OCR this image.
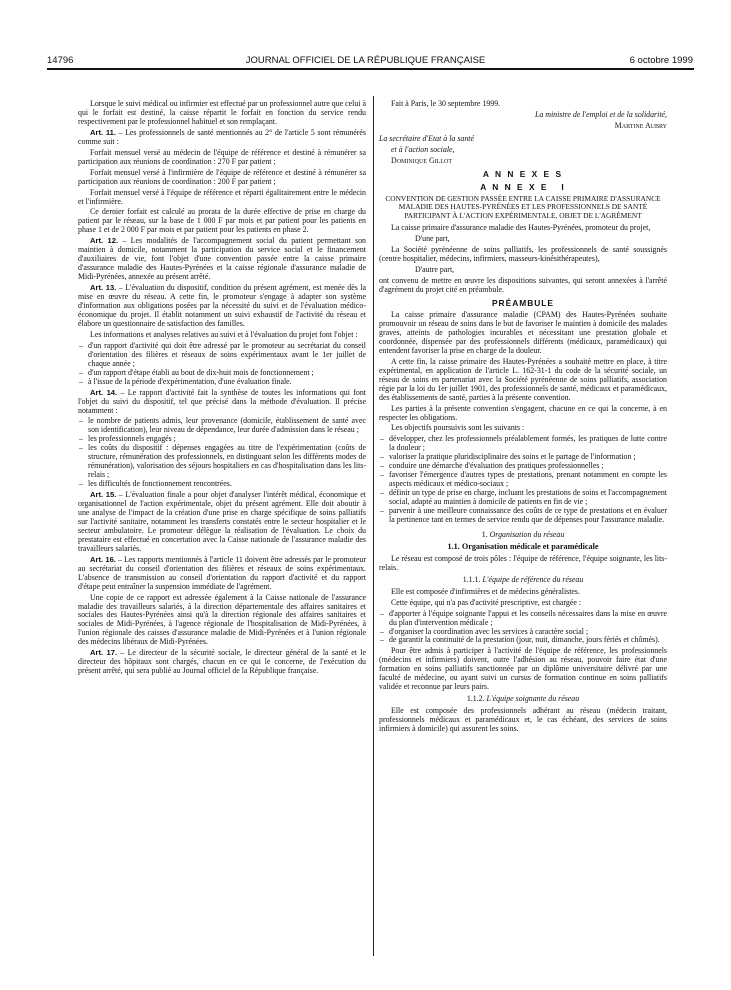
14796	JOURNAL OFFICIEL DE LA RÉPUBLIQUE FRANÇAISE	6 octobre 1999

Lorsque le suivi médical ou infirmier est effectué par un professionnel autre que celui à qui le forfait est destiné, la caisse répartit le forfait en fonction du service rendu respectivement par le professionnel habituel et son remplaçant.

Art. 11. – Les professionnels de santé mentionnés au 2° de l'article 5 sont rémunérés comme suit :

Forfait mensuel versé au médecin de l'équipe de référence et destiné à rémunérer sa participation aux réunions de coordination : 270 F par patient ;

Forfait mensuel versé à l'infirmière de l'équipe de référence et destiné à rémunérer sa participation aux réunions de coordination : 200 F par patient ;

Forfait mensuel versé à l'équipe de référence et réparti égalitairement entre le médecin et l'infirmière.

Ce dernier forfait est calculé au prorata de la durée effective de prise en charge du patient par le réseau, sur la base de 1 000 F par mois et par patient pour les patients en phase 1 et de 2 000 F par mois et par patient pour les patients en phase 2.

Art. 12. – Les modalités de l'accompagnement social du patient permettant son maintien à domicile, notamment la participation du service social et le financement d'auxiliaires de vie, font l'objet d'une convention passée entre la caisse primaire d'assurance maladie des Hautes-Pyrénées et la caisse régionale d'assurance maladie de Midi-Pyrénées, annexée au présent arrêté.

Art. 13. – L'évaluation du dispositif, condition du présent agrément, est menée dès la mise en œuvre du réseau. A cette fin, le promoteur s'engage à adapter son système d'information aux obligations posées par la nécessité du suivi et de l'évaluation médico-économique du projet. Il établit notamment un suivi exhaustif de l'activité du réseau et élabore un questionnaire de satisfaction des familles.

Les informations et analyses relatives au suivi et à l'évaluation du projet font l'objet :

– d'un rapport d'activité qui doit être adressé par le promoteur au secrétariat du conseil d'orientation des filières et réseaux de soins expérimentaux avant le 1er juillet de chaque année ;
– d'un rapport d'étape établi au bout de dix-huit mois de fonctionnement ;
– à l'issue de la période d'expérimentation, d'une évaluation finale.

Art. 14. – Le rapport d'activité fait la synthèse de toutes les informations qui font l'objet du suivi du dispositif, tel que précisé dans la méthode d'évaluation. Il précise notamment :

– le nombre de patients admis, leur provenance (domicile, établissement de santé avec son identification), leur niveau de dépendance, leur durée d'admission dans le réseau ;
– les professionnels engagés ;
– les coûts du dispositif : dépenses engagées au titre de l'expérimentation (coûts de structure, rémunération des professionnels, en distinguant selon les différents modes de rémunération), valorisation des séjours hospitaliers en cas d'hospitalisation dans les lits-relais ;
– les difficultés de fonctionnement rencontrées.

Art. 15. – L'évaluation finale a pour objet d'analyser l'intérêt médical, économique et organisationnel de l'action expérimentale, objet du présent agrément. Elle doit aboutir à une analyse de l'impact de la création d'une prise en charge spécifique de soins palliatifs sur l'activité sanitaire, notamment les transferts constatés entre le secteur hospitalier et le secteur ambulatoire. Le promoteur délègue la réalisation de l'évaluation. Le choix du prestataire est effectué en concertation avec la Caisse nationale de l'assurance maladie des travailleurs salariés.

Art. 16. – Les rapports mentionnés à l'article 11 doivent être adressés par le promoteur au secrétariat du conseil d'orientation des filières et réseaux de soins expérimentaux. L'absence de transmission au conseil d'orientation du rapport d'activité et du rapport d'étape peut entraîner la suspension immédiate de l'agrément.

Une copie de ce rapport est adressée également à la Caisse nationale de l'assurance maladie des travailleurs salariés, à la direction départementale des affaires sanitaires et sociales des Hautes-Pyrénées ainsi qu'à la direction régionale des affaires sanitaires et sociales de Midi-Pyrénées, à l'agence régionale de l'hospitalisation de Midi-Pyrénées, à l'union régionale des caisses d'assurance maladie de Midi-Pyrénées et à l'union régionale des médecins libéraux de Midi-Pyrénées.

Art. 17. – Le directeur de la sécurité sociale, le directeur général de la santé et le directeur des hôpitaux sont chargés, chacun en ce qui le concerne, de l'exécution du présent arrêté, qui sera publié au Journal officiel de la République française.

Fait à Paris, le 30 septembre 1999.

La ministre de l'emploi et de la solidarité,

Martine Aubry

La secrétaire d'Etat à la santé

et à l'action sociale,

Dominique Gillot

A N N E X E S
A N N E X E   I
CONVENTION DE GESTION PASSÉE ENTRE LA CAISSE PRIMAIRE D'ASSURANCE MALADIE DES HAUTES-PYRÉNÉES ET LES PROFESSIONNELS DE SANTÉ PARTICIPANT À L'ACTION EXPÉRIMENTALE, OBJET DE L'AGRÉMENT

La caisse primaire d'assurance maladie des Hautes-Pyrénées, promoteur du projet,

D'une part,

La Société pyrénéenne de soins palliatifs, les professionnels de santé soussignés (centre hospitalier, médecins, infirmiers, masseurs-kinésithérapeutes),

D'autre part,

ont convenu de mettre en œuvre les dispositions suivantes, qui seront annexées à l'arrêté d'agrément du projet cité en préambule.

PRÉAMBULE

La caisse primaire d'assurance maladie (CPAM) des Hautes-Pyrénées souhaite promouvoir un réseau de soins dans le but de favoriser le maintien à domicile des malades graves, atteints de pathologies incurables et nécessitant une prestation globale et coordonnée, dispensée par des professionnels différents (médicaux, paramédicaux) qui entendent favoriser la prise en charge de la douleur.

A cette fin, la caisse primaire des Hautes-Pyrénées a souhaité mettre en place, à titre expérimental, en application de l'article L. 162-31-1 du code de la sécurité sociale, un réseau de soins en partenariat avec la Société pyrénéenne de soins palliatifs, association régie par la loi du 1er juillet 1901, des professionnels de santé, médicaux et paramédicaux, des établissements de santé, parties à la présente convention.

Les parties à la présente convention s'engagent, chacune en ce qui la concerne, à en respecter les obligations.

Les objectifs poursuivis sont les suivants :

– développer, chez les professionnels préalablement formés, les pratiques de lutte contre la douleur ;
– valoriser la pratique pluridisciplinaire des soins et le partage de l'information ;
– conduire une démarche d'évaluation des pratiques professionnelles ;
– favoriser l'émergence d'autres types de prestations, prenant notamment en compte les aspects médicaux et médico-sociaux ;
– définir un type de prise en charge, incluant les prestations de soins et l'accompagnement social, adapté au maintien à domicile de patients en fin de vie ;
– parvenir à une meilleure connaissance des coûts de ce type de prestations et en évaluer la pertinence tant en termes de service rendu que de dépenses pour l'assurance maladie.
1. Organisation du réseau
1.1. Organisation médicale et paramédicale

Le réseau est composé de trois pôles : l'équipe de référence, l'équipe soignante, les lits-relais.

1.1.1. L'équipe de référence du réseau

Elle est composée d'infirmières et de médecins généralistes.

Cette équipe, qui n'a pas d'activité prescriptive, est chargée :

– d'apporter à l'équipe soignante l'appui et les conseils nécessaires dans la mise en œuvre du plan d'intervention médicale ;
– d'organiser la coordination avec les services à caractère social ;
– de garantir la continuité de la prestation (jour, nuit, dimanche, jours fériés et chômés).

Pour être admis à participer à l'activité de l'équipe de référence, les professionnels (médecins et infirmiers) doivent, outre l'adhésion au réseau, pouvoir faire état d'une formation en soins palliatifs sanctionnée par un diplôme universitaire délivré par une faculté de médecine, ou ayant suivi un cursus de formation continue en soins palliatifs validée et reconnue par leurs pairs.

1.1.2. L'équipe soignante du réseau

Elle est composée des professionnels adhérant au réseau (médecin traitant, professionnels médicaux et paramédicaux et, le cas échéant, des services de soins infirmiers à domicile) qui assurent les soins.
